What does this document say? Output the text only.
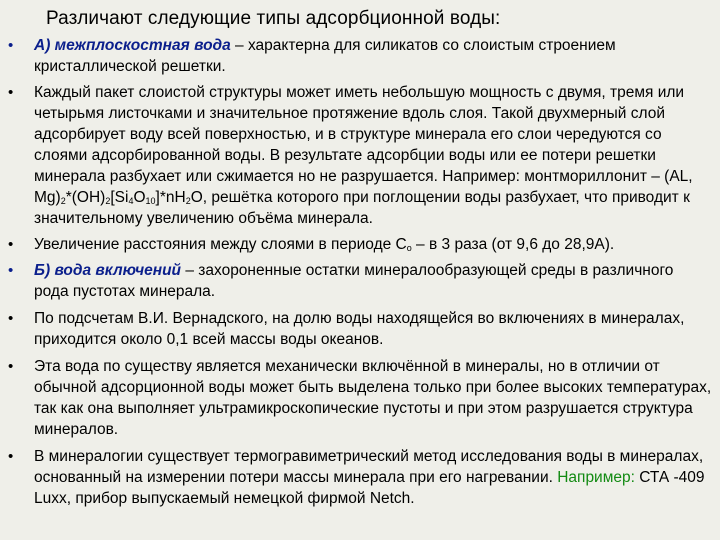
Различают следующие типы адсорбционной воды:
• А) межплоскостная вода – характерна для силикатов со слоистым строением кристаллической решетки.
• Каждый пакет слоистой структуры может иметь небольшую мощность с двумя, тремя или четырьмя листочками и значительное протяжение вдоль слоя. Такой двухмерный слой адсорбирует воду всей поверхностью, и в структуре минерала его слои чередуются со слоями адсорбированной воды. В результате адсорбции воды или ее потери решетки минерала разбухает или сжимается но не разрушается. Например: монтмориллонит – (AL, $Mg)_2*(OH)_2[Si_4O_{10}]*nH_2O$, решётка которого при поглощении воды разбухает, что приводит к значительному увеличению объёма минерала.
• Увеличение расстояния между слоями в периоде $С_о$ – в 3 раза (от 9,6 до 28,9А).
• Б) вода включений – захороненные остатки минералообразующей среды в различного рода пустотах минерала.
• По подсчетам В.И. Вернадского, на долю воды находящейся во включениях в минералах, приходится около 0,1 всей массы воды океанов.
• Эта вода по существу является механически включённой в минералы, но в отличии от обычной адсорционной воды может быть выделена только при более высоких температурах, так как она выполняет ультрамикроскопические пустоты и при этом разрушается структура минералов.
• В минералогии существует термогравиметрический метод исследования воды в минералах, основанный на измерении потери массы минерала при его нагревании. Например: СТА -409 Luxx, прибор выпускаемый немецкой фирмой Netch.
